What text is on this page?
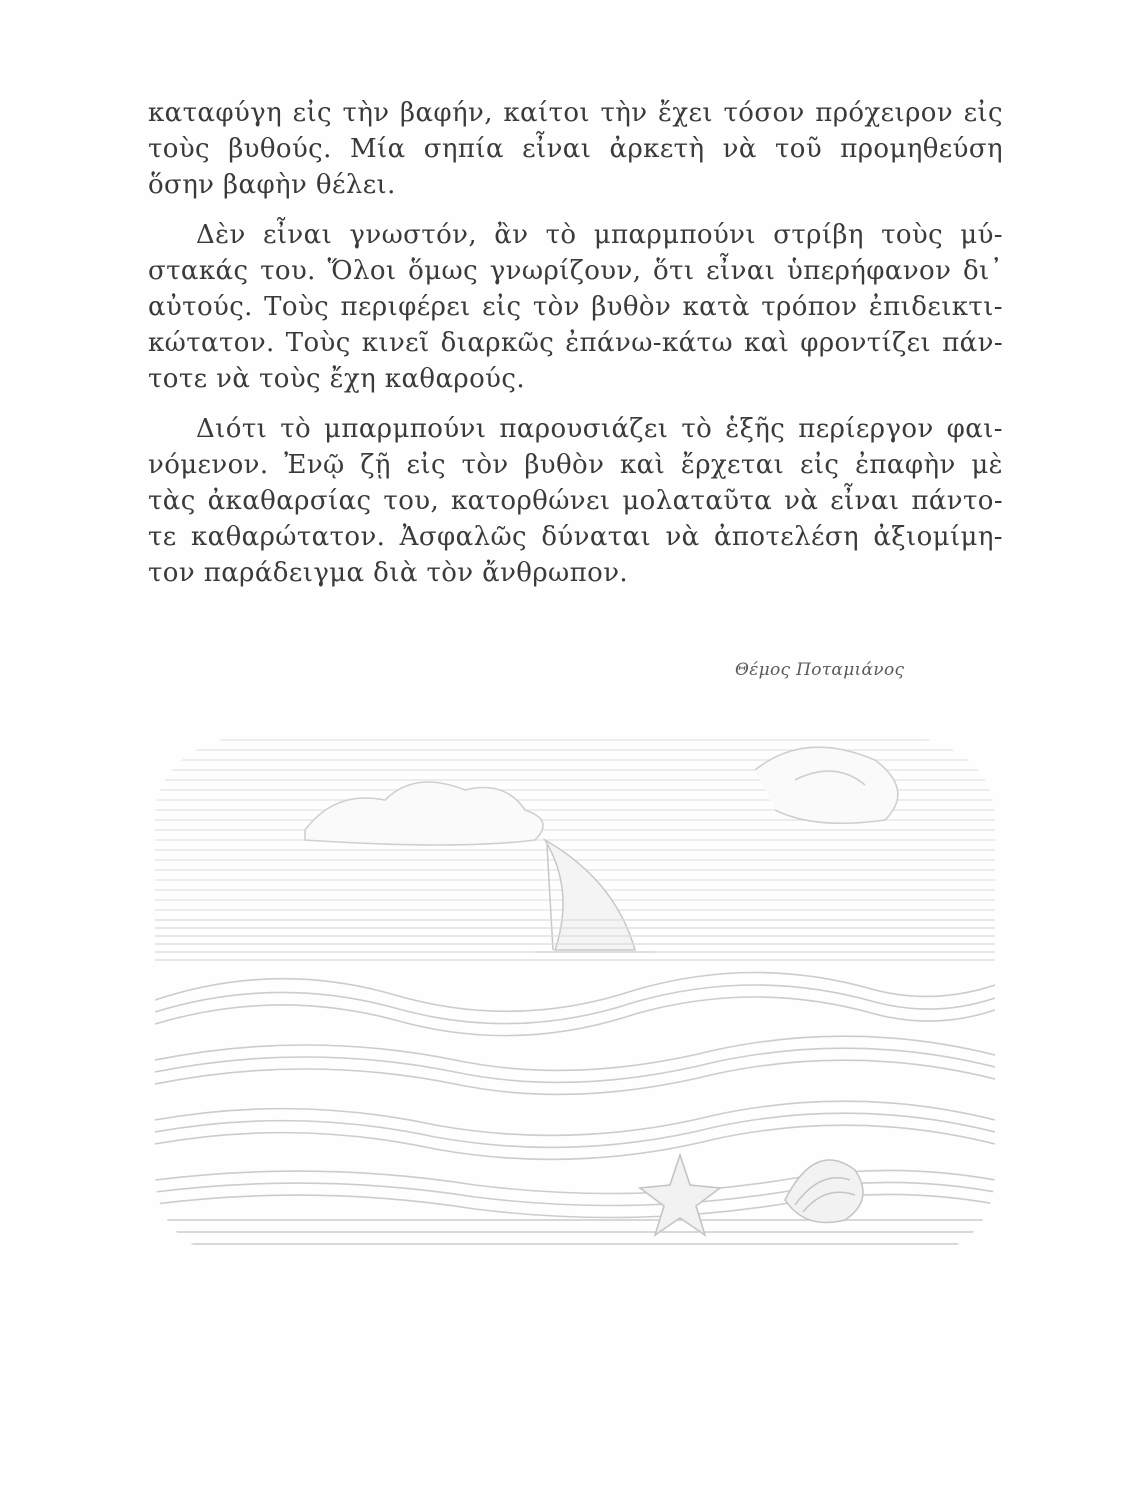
καταφύγη εἰς τὴν βαφήν, καίτοι τὴν ἔχει τόσον πρόχειρον εἰς
τοὺς βυθούς. Μία σηπία εἶναι ἀρκετὴ νὰ τοῦ προμηθεύση
ὅσην βαφὴν θέλει.
Δὲν εἶναι γνωστόν, ἂν τὸ μπαρμπούνι στρίβη τοὺς μύ-
στακάς του. Ὅλοι ὅμως γνωρίζουν, ὅτι εἶναι ὑπερήφανον δι᾽
αὐτούς. Τοὺς περιφέρει εἰς τὸν βυθὸν κατὰ τρόπον ἐπιδεικτι-
κώτατον. Τοὺς κινεῖ διαρκῶς ἐπάνω-κάτω καὶ φροντίζει πάν-
τοτε νὰ τοὺς ἔχη καθαρούς.
Διότι τὸ μπαρμπούνι παρουσιάζει τὸ ἑξῆς περίεργον φαι-
νόμενον. Ἐνῷ ζῇ εἰς τὸν βυθὸν καὶ ἔρχεται εἰς ἐπαφὴν μὲ
τὰς ἀκαθαρσίας του, κατορθώνει μολαταῦτα νὰ εἶναι πάντο-
τε καθαρώτατον. Ἀσφαλῶς δύναται νὰ ἀποτελέση ἀξιομίμη-
τον παράδειγμα διὰ τὸν ἄνθρωπον.
Θέμος Ποταμιάνος
